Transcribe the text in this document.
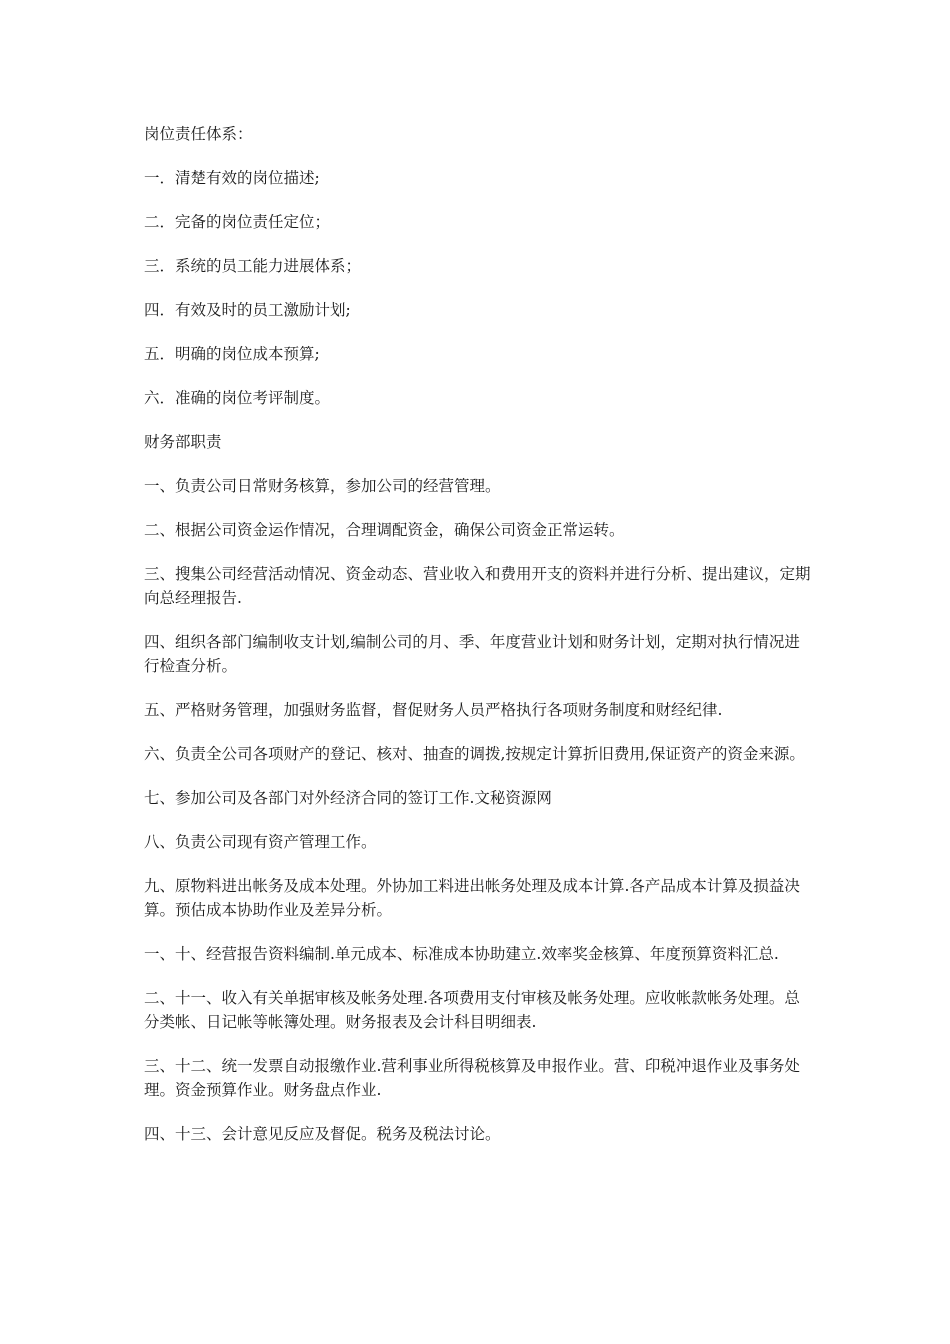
岗位责任体系：

一．清楚有效的岗位描述;

二．完备的岗位责任定位；

三．系统的员工能力进展体系；

四．有效及时的员工激励计划;

五．明确的岗位成本预算;

六．准确的岗位考评制度。

财务部职责

一、负责公司日常财务核算，参加公司的经营管理。

二、根据公司资金运作情况，合理调配资金，确保公司资金正常运转。

三、搜集公司经营活动情况、资金动态、营业收入和费用开支的资料并进行分析、提出建议，定期向总经理报告.

四、组织各部门编制收支计划,编制公司的月、季、年度营业计划和财务计划，定期对执行情况进行检查分析。

五、严格财务管理，加强财务监督，督促财务人员严格执行各项财务制度和财经纪律.

六、负责全公司各项财产的登记、核对、抽查的调拨,按规定计算折旧费用,保证资产的资金来源。

七、参加公司及各部门对外经济合同的签订工作.文秘资源网

八、负责公司现有资产管理工作。

九、原物料进出帐务及成本处理。外协加工料进出帐务处理及成本计算.各产品成本计算及损益决算。预估成本协助作业及差异分析。

一、十、经营报告资料编制.单元成本、标准成本协助建立.效率奖金核算、年度预算资料汇总.

二、十一、收入有关单据审核及帐务处理.各项费用支付审核及帐务处理。应收帐款帐务处理。总分类帐、日记帐等帐簿处理。财务报表及会计科目明细表.

三、十二、统一发票自动报缴作业.营利事业所得税核算及申报作业。营、印税冲退作业及事务处理。资金预算作业。财务盘点作业.

四、十三、会计意见反应及督促。税务及税法讨论。
